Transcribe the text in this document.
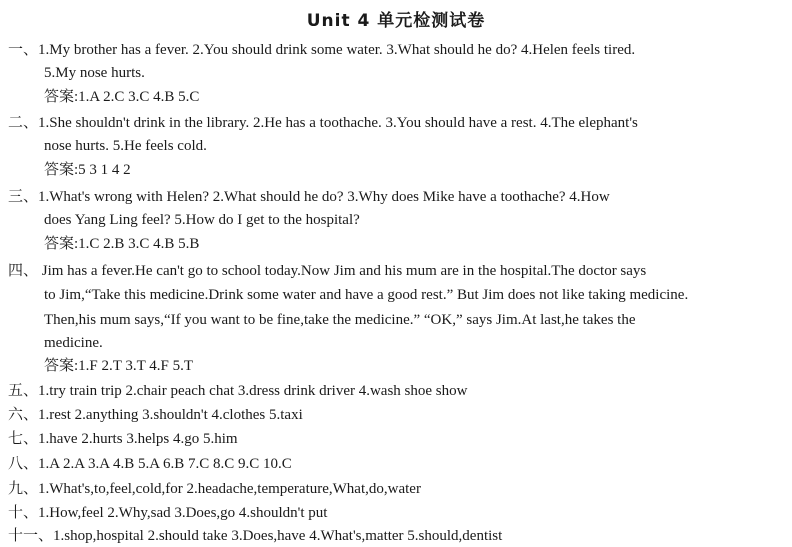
Unit 4 单元检测试卷
一、1.My brother has a fever. 2.You should drink some water. 3.What should he do? 4.Helen feels tired.
5.My nose hurts.
答案:1.A 2.C 3.C 4.B 5.C
二、1.She shouldn't drink in the library. 2.He has a toothache. 3.You should have a rest. 4.The elephant's
nose hurts. 5.He feels cold.
答案:5 3 1 4 2
三、1.What's wrong with Helen? 2.What should he do? 3.Why does Mike have a toothache? 4.How
does Yang Ling feel? 5.How do I get to the hospital?
答案:1.C 2.B 3.C 4.B 5.B
四、 Jim has a fever.He can't go to school today.Now Jim and his mum are in the hospital.The doctor says
to Jim,“Take this medicine.Drink some water and have a good rest.” But Jim does not like taking medicine.
Then,his mum says,“If you want to be fine,take the medicine.” “OK,” says Jim.At last,he takes the
medicine.
答案:1.F 2.T 3.T 4.F 5.T
五、1.try train trip 2.chair peach chat 3.dress drink driver 4.wash shoe show
六、1.rest 2.anything 3.shouldn't 4.clothes 5.taxi
七、1.have 2.hurts 3.helps 4.go 5.him
八、1.A 2.A 3.A 4.B 5.A 6.B 7.C 8.C 9.C 10.C
九、1.What's,to,feel,cold,for 2.headache,temperature,What,do,water
十、1.How,feel 2.Why,sad 3.Does,go 4.shouldn't put
十一、1.shop,hospital 2.should take 3.Does,have 4.What's,matter 5.should,dentist
